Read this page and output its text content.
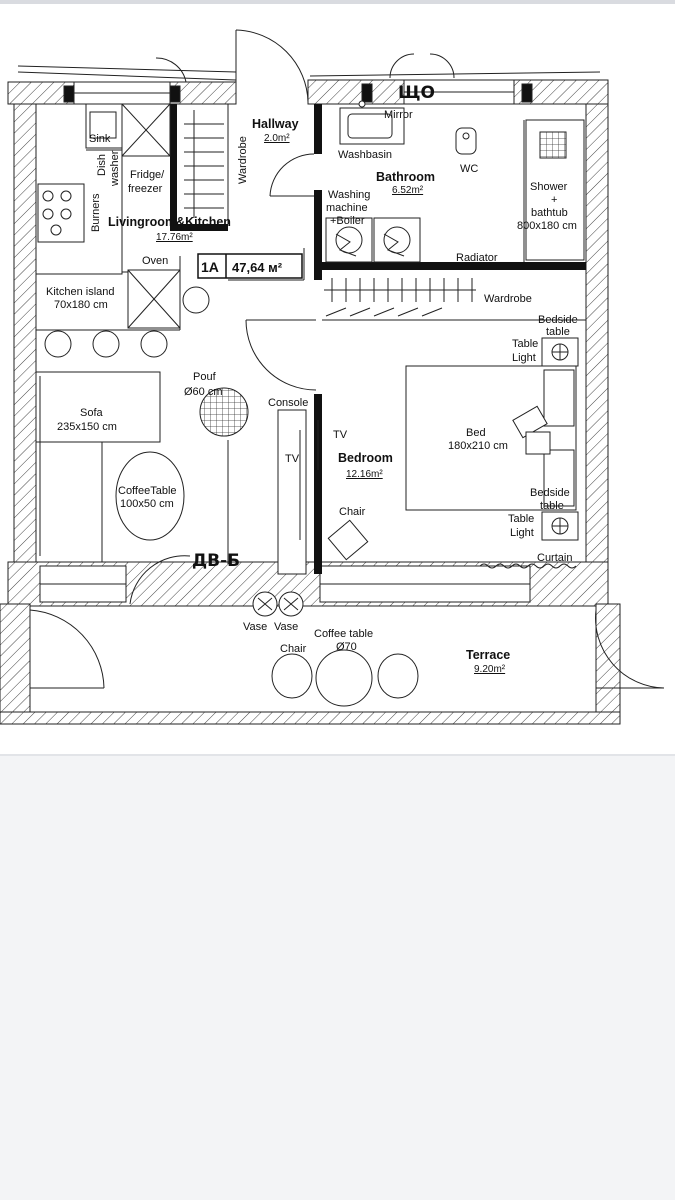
Sink
Dish washer
Burners
Fridge/
freezer
Wardrobe
Hallway
2.0m²
ЩО
Mirror
Washbasin
WC
Bathroom
6.52m²	Shower
+
bathtub
800x180 cm
Washing
machine
+Boiler
Radiator
Wardrobe
Livingroom&Kitchen
17.76m²
1A 47,64 м²
Oven
Kitchen island
70x180 cm
Bedside
table
Table
Light
Pouf
Ø60 cm
Console
TV
TV
Sofa
235x150 cm	Bed
180x210 cm
Bedroom
12.16m²
CoffeeTable
100x50 cm
Bedside
table
Table
Light
Chair
Curtain
ДВ-Б
Vase Vase
Coffee table
Ø70
Chair	Terrace
9.20m²
